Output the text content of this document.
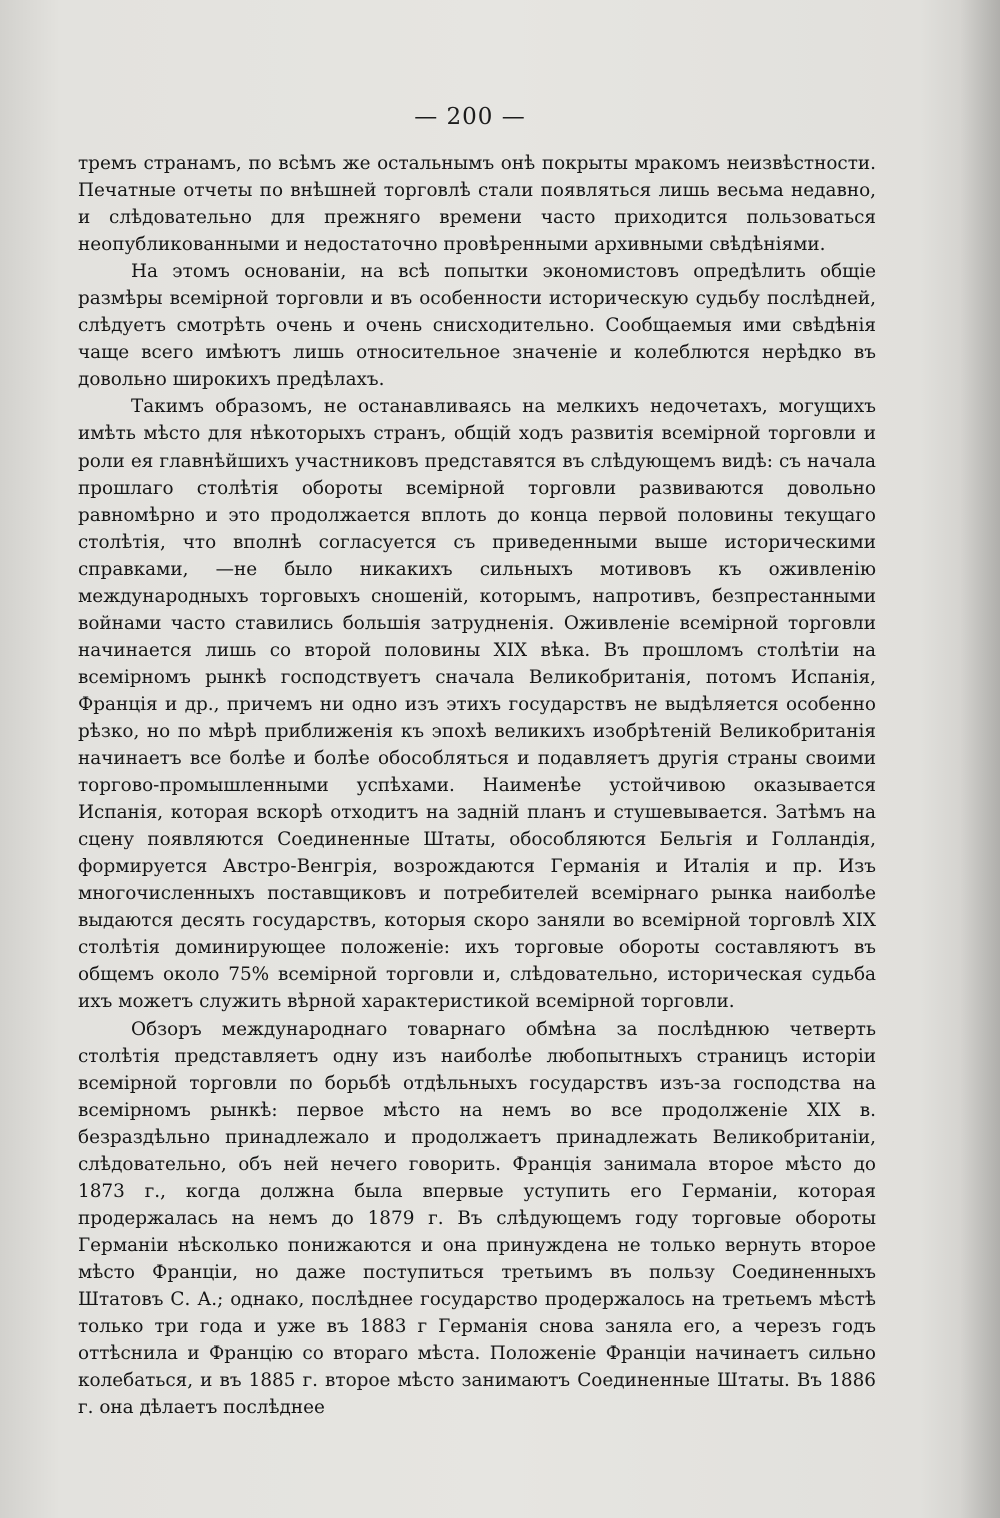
— 200 —

тремъ странамъ, по всѣмъ же остальнымъ онѣ покрыты мракомъ неизвѣстности. Печатные отчеты по внѣшней торговлѣ стали появляться лишь весьма недавно, и слѣдовательно для прежняго времени часто приходится пользоваться неопубликованными и недостаточно провѣренными архивными свѣдѣніями.

На этомъ основаніи, на всѣ попытки экономистовъ опредѣлить общіе размѣры всемірной торговли и въ особенности историческую судьбу послѣдней, слѣдуетъ смотрѣть очень и очень снисходительно. Сообщаемыя ими свѣдѣнія чаще всего имѣютъ лишь относительное значеніе и колеблются нерѣдко въ довольно широкихъ предѣлахъ.

Такимъ образомъ, не останавливаясь на мелкихъ недочетахъ, могущихъ имѣть мѣсто для нѣкоторыхъ странъ, общій ходъ развитія всемірной торговли и роли ея главнѣйшихъ участниковъ представятся въ слѣдующемъ видѣ: съ начала прошлаго столѣтія обороты всемірной торговли развиваются довольно равномѣрно и это продолжается вплоть до конца первой половины текущаго столѣтія, что вполнѣ согласуется съ приведенными выше историческими справками, —не было никакихъ сильныхъ мотивовъ къ оживленію международныхъ торговыхъ сношеній, которымъ, напротивъ, безпрестанными войнами часто ставились большія затрудненія. Оживленіе всемірной торговли начинается лишь со второй половины XIX вѣка. Въ прошломъ столѣтіи на всемірномъ рынкѣ господствуетъ сначала Великобританія, потомъ Испанія, Франція и др., причемъ ни одно изъ этихъ государствъ не выдѣляется особенно рѣзко, но по мѣрѣ приближенія къ эпохѣ великихъ изобрѣтеній Великобританія начинаетъ все болѣе и болѣе обособляться и подавляетъ другія страны своими торгово-промышленными успѣхами. Наименѣе устойчивою оказывается Испанія, которая вскорѣ отходитъ на задній планъ и стушевывается. Затѣмъ на сцену появляются Соединенные Штаты, обособляются Бельгія и Голландія, формируется Австро-Венгрія, возрождаются Германія и Италія и пр. Изъ многочисленныхъ поставщиковъ и потребителей всемірнаго рынка наиболѣе выдаются десять государствъ, которыя скоро заняли во всемірной торговлѣ XIX столѣтія доминирующее положеніе: ихъ торговые обороты составляютъ въ общемъ около 75% всемірной торговли и, слѣдовательно, историческая судьба ихъ можетъ служить вѣрной характеристикой всемірной торговли.

Обзоръ международнаго товарнаго обмѣна за послѣднюю четверть столѣтія представляетъ одну изъ наиболѣе любопытныхъ страницъ исторіи всемірной торговли по борьбѣ отдѣльныхъ государствъ изъ-за господства на всемірномъ рынкѣ: первое мѣсто на немъ во все продолженіе XIX в. безраздѣльно принадлежало и продолжаетъ принадлежать Великобританіи, слѣдовательно, объ ней нечего говорить. Франція занимала второе мѣсто до 1873 г., когда должна была впервые уступить его Германіи, которая продержалась на немъ до 1879 г. Въ слѣдующемъ году торговые обороты Германіи нѣсколько понижаются и она принуждена не только вернуть второе мѣсто Франціи, но даже поступиться третьимъ въ пользу Соединенныхъ Штатовъ С. А.; однако, послѣднее государство продержалось на третьемъ мѣстѣ только три года и уже въ 1883 г Германія снова заняла его, а черезъ годъ оттѣснила и Францію со втораго мѣста. Положеніе Франціи начинаетъ сильно колебаться, и въ 1885 г. второе мѣсто занимаютъ Соединенные Штаты. Въ 1886 г. она дѣлаетъ послѣднее
